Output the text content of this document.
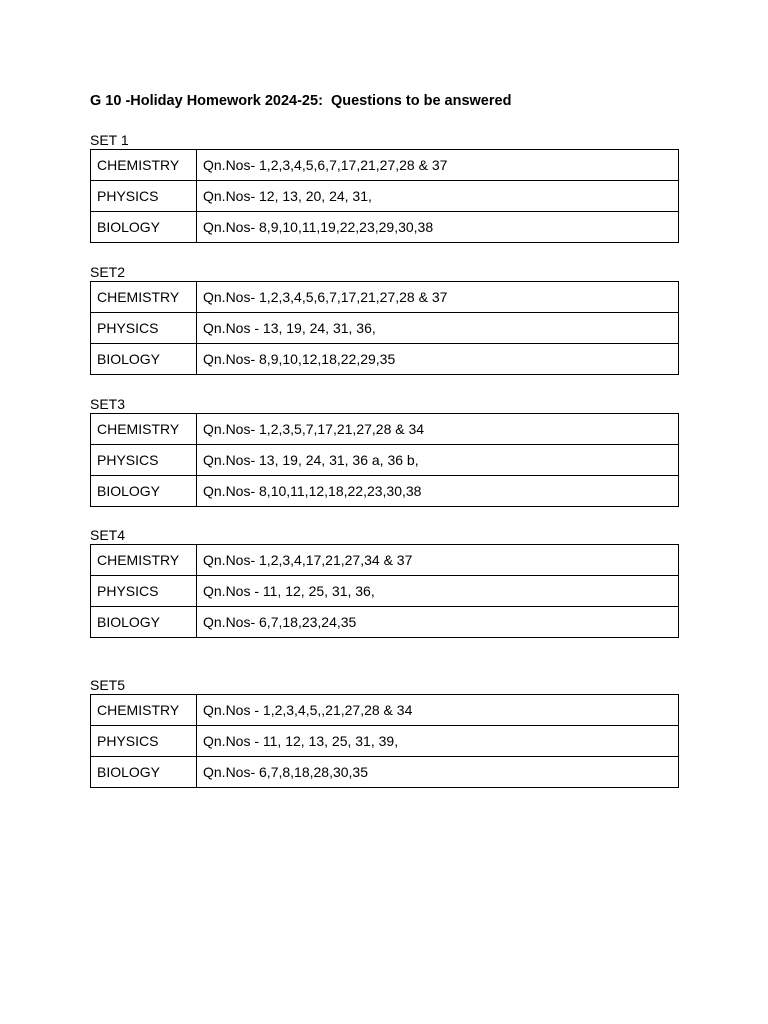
G 10 -Holiday Homework 2024-25:  Questions to be answered
SET 1
CHEMISTRY	Qn.Nos- 1,2,3,4,5,6,7,17,21,27,28 & 37
PHYSICS	Qn.Nos- 12, 13, 20, 24, 31,
BIOLOGY	Qn.Nos- 8,9,10,11,19,22,23,29,30,38
SET2
CHEMISTRY	Qn.Nos- 1,2,3,4,5,6,7,17,21,27,28 & 37
PHYSICS	Qn.Nos - 13, 19, 24, 31, 36,
BIOLOGY	Qn.Nos- 8,9,10,12,18,22,29,35
SET3
CHEMISTRY	Qn.Nos- 1,2,3,5,7,17,21,27,28 & 34
PHYSICS	Qn.Nos- 13, 19, 24, 31, 36 a, 36 b,
BIOLOGY	Qn.Nos- 8,10,11,12,18,22,23,30,38
SET4
CHEMISTRY	Qn.Nos- 1,2,3,4,17,21,27,34 & 37
PHYSICS	Qn.Nos - 11, 12, 25, 31, 36,
BIOLOGY	Qn.Nos- 6,7,18,23,24,35
SET5
CHEMISTRY	Qn.Nos - 1,2,3,4,5,,21,27,28 & 34
PHYSICS	Qn.Nos - 11, 12, 13, 25, 31, 39,
BIOLOGY	Qn.Nos- 6,7,8,18,28,30,35
